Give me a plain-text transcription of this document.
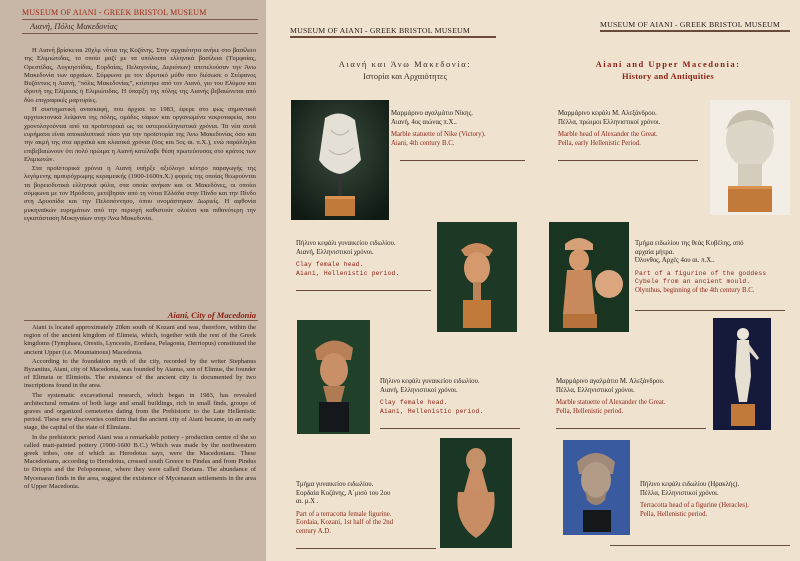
MUSEUM OF AIANI - GREEK BRISTOL MUSEUM
Αιανή, Πόλις Μακεδονίας

Η Αιανή βρίσκεται 20χλμ νότια της Κοζάνης. Στην αρχαιότητα ανήκε στο βασίλειο της Ελιμιώτιδας, το οποίο μαζί με τα υπόλοιπα ελληνικά βασίλεια (Τυμφαίας, Ορεστίδας, Λυγκηστίδας, Εορδαίας, Πελαγονίας, Δεριόπων) αποτελούσαν την Άνω Μακεδονία των αρχαίων. Σύμφωνα με τον ιδρυτικό μύθο που διέσωσε ο Στέφανος Βυζάντιος η Αιανή, "πόλις Μακεδονίας", κτίστηκε από τον Αιανό, γιο του Ελύμου και ιδρυτή της Ελίμειας ή Ελιμιώτιδας. Η ύπαρξη της πόλης της Αιανής βεβαιώνεται από δύο επιγραφικές μαρτυρίες.

Η συστηματική ανασκαφή, που άρχισε το 1983, έφερε στο φως σημαντικά αρχιτεκτονικά λείψανα της πόλης, ομάδες τάφων και οργανωμένα νεκροταφεία, που χρονολογούνται από τα προϊστορικά ως τα υστεροελληνιστικά χρόνια. Τα νέα αυτά ευρήματα είναι αποκαλυπτικά τόσο για την προϊστορία της Άνω Μακεδονίας όσο και την ακμή της στα αρχαϊκά και κλασικά χρόνια (6ος και 5ος αι. π.Χ.), ενώ παράλληλα επιβεβαιώνουν ότι πολύ πρώιμα η Αιανή κατέλαβε θέση πρωτεύουσας στο κράτος των Ελιμιωτών.

Στα προϊστορικά χρόνια η Αιανή υπήρξε αξιόλογο κέντρο παραγωγής της λεγόμενης αμαυρόχρωμης κεραμεικής (1900-1600π.Χ.) φορείς της οποίας θεωρούνται τα βορειοδυτικά ελληνικά φύλα, στα οποία ανήκαν και οι Μακεδόνες, οι οποίοι σύμφωνα με τον Ηρόδοτο, μετέβησαν από τη νότια Ελλάδα στην Πίνδο και την Πίνδο στη Δρυοπίδα και την Πελοπόννησο, όπου ονομάστηκαν Δωριείς. Η αφθονία μυκηναϊκών ευρημάτων από την περιοχή καθιστούν ολοένα και πιθανότερη την εγκατάσταση Μυκηναίων στην Άνω Μακεδονία.

Aiani, City of Macedonia

Aiani is located approximately 20km south of Kozani and was, therefore, within the region of the ancient kingdom of Elimeia, which, together with the rest of the Greek kingdoms (Tymphaea, Orestis, Lyncestis, Eordaea, Pelagonia, Derriopus) constituted the ancient Upper (i.e. Mountainous) Macedonia.

According to the foundation myth of the city, recorded by the writer Stephanus Byzantius, Aiani, city of Macedonia, was founded by Aianus, son of Elimus, the founder of Elimeia or Elimiotis. The existence of the ancient city is documented by two inscriptions found in the area.

The systematic excavational research, which began in 1983, has revealed architectural remains of both large and small buildings, rich in small finds, groups of graves and organized cemeteries dating from the Prehistoric to the Late Hellenistic period. These new discoveries confirm that the ancient city of Aiani became, in an early stage, the capital of the state of Elimians.

In the prehistoric period Aiani was a remarkable pottery - production centre of the so called matt-painted pottery (1900-1600 B.C.) Which was made by the northwestern greek tribes, one of which as Herodotus says, were the Macedonians. These Macedonians, according to Herodotus, crossed south Greece to Pindus and from Pindus to Driopis and the Peloponnese, where they were called Dorians. The abundance of Mycenaean finds in the area, suggest the existence of Mycenaean settlements in the area of Upper Macedonia.

MUSEUM OF AIANI - GREEK BRISTOL MUSEUM
Αιανή και Άνω Μακεδονία:
Ιστορία και Αρχαιότητες
MUSEUM OF AIANI - GREEK BRISTOL MUSEUM
Aiani and Upper Macedonia:
History and Antiquities
Μαρμάρινο αγαλμάτιο Νίκης.
Αιανή, 4ος αιώνας π.Χ..
Marble statuette of Nike (Victory).
Aiani, 4th century B.C.
Πήλινο κεφάλι γυναικείου ειδωλίου.
Αιανή, Ελληνιστικοί χρόνοι.
Clay female head.
Aiani, Hellenistic period.
Πήλινο κεφάλι γυναικείου ειδωλίου.
Αιανή, Ελληνιστικοί χρόνοι.
Clay female head.
Aiani, Hellenistic period.
Τμήμα γυναικείου ειδωλίου.
Εορδαία Κοζάνης, Α΄μισό του 2ου
αι. μ.Χ .
Part of a terracotta female figurine.
Eordaia, Kozani, 1st half of the 2nd
century A.D.
Μαρμάρινο κεφάλι Μ. Αλεξάνδρου.
Πέλλα, πρώιμοι Ελληνιστικοί χρόνοι.
Marble head of Alexander the Great.
Pella, early Hellenistic Period.
Τμήμα ειδωλίου της θεάς Κυβέλης, από
αρχαία μήτρα.
Όλυνθος, Αρχές 4ου αι. π.Χ..
Part of a figurine of the goddess
Cybele from an ancient mould.
Olynthus, beginning of the 4th century B.C.
Μαρμάρινο αγαλμάτιο Μ. Αλεξάνδρου.
Πέλλα, Ελληνιστικοί χρόνοι.
Marble statuette of Alexander the Great.
Pella, Hellenistic period.
Πήλινο κεφάλι ειδωλίου (Ηρακλής).
Πέλλα, Ελληνιστικοί χρόνοι.
Terracotta head of a figurine (Heracles).
Pella, Hellenistic period.
